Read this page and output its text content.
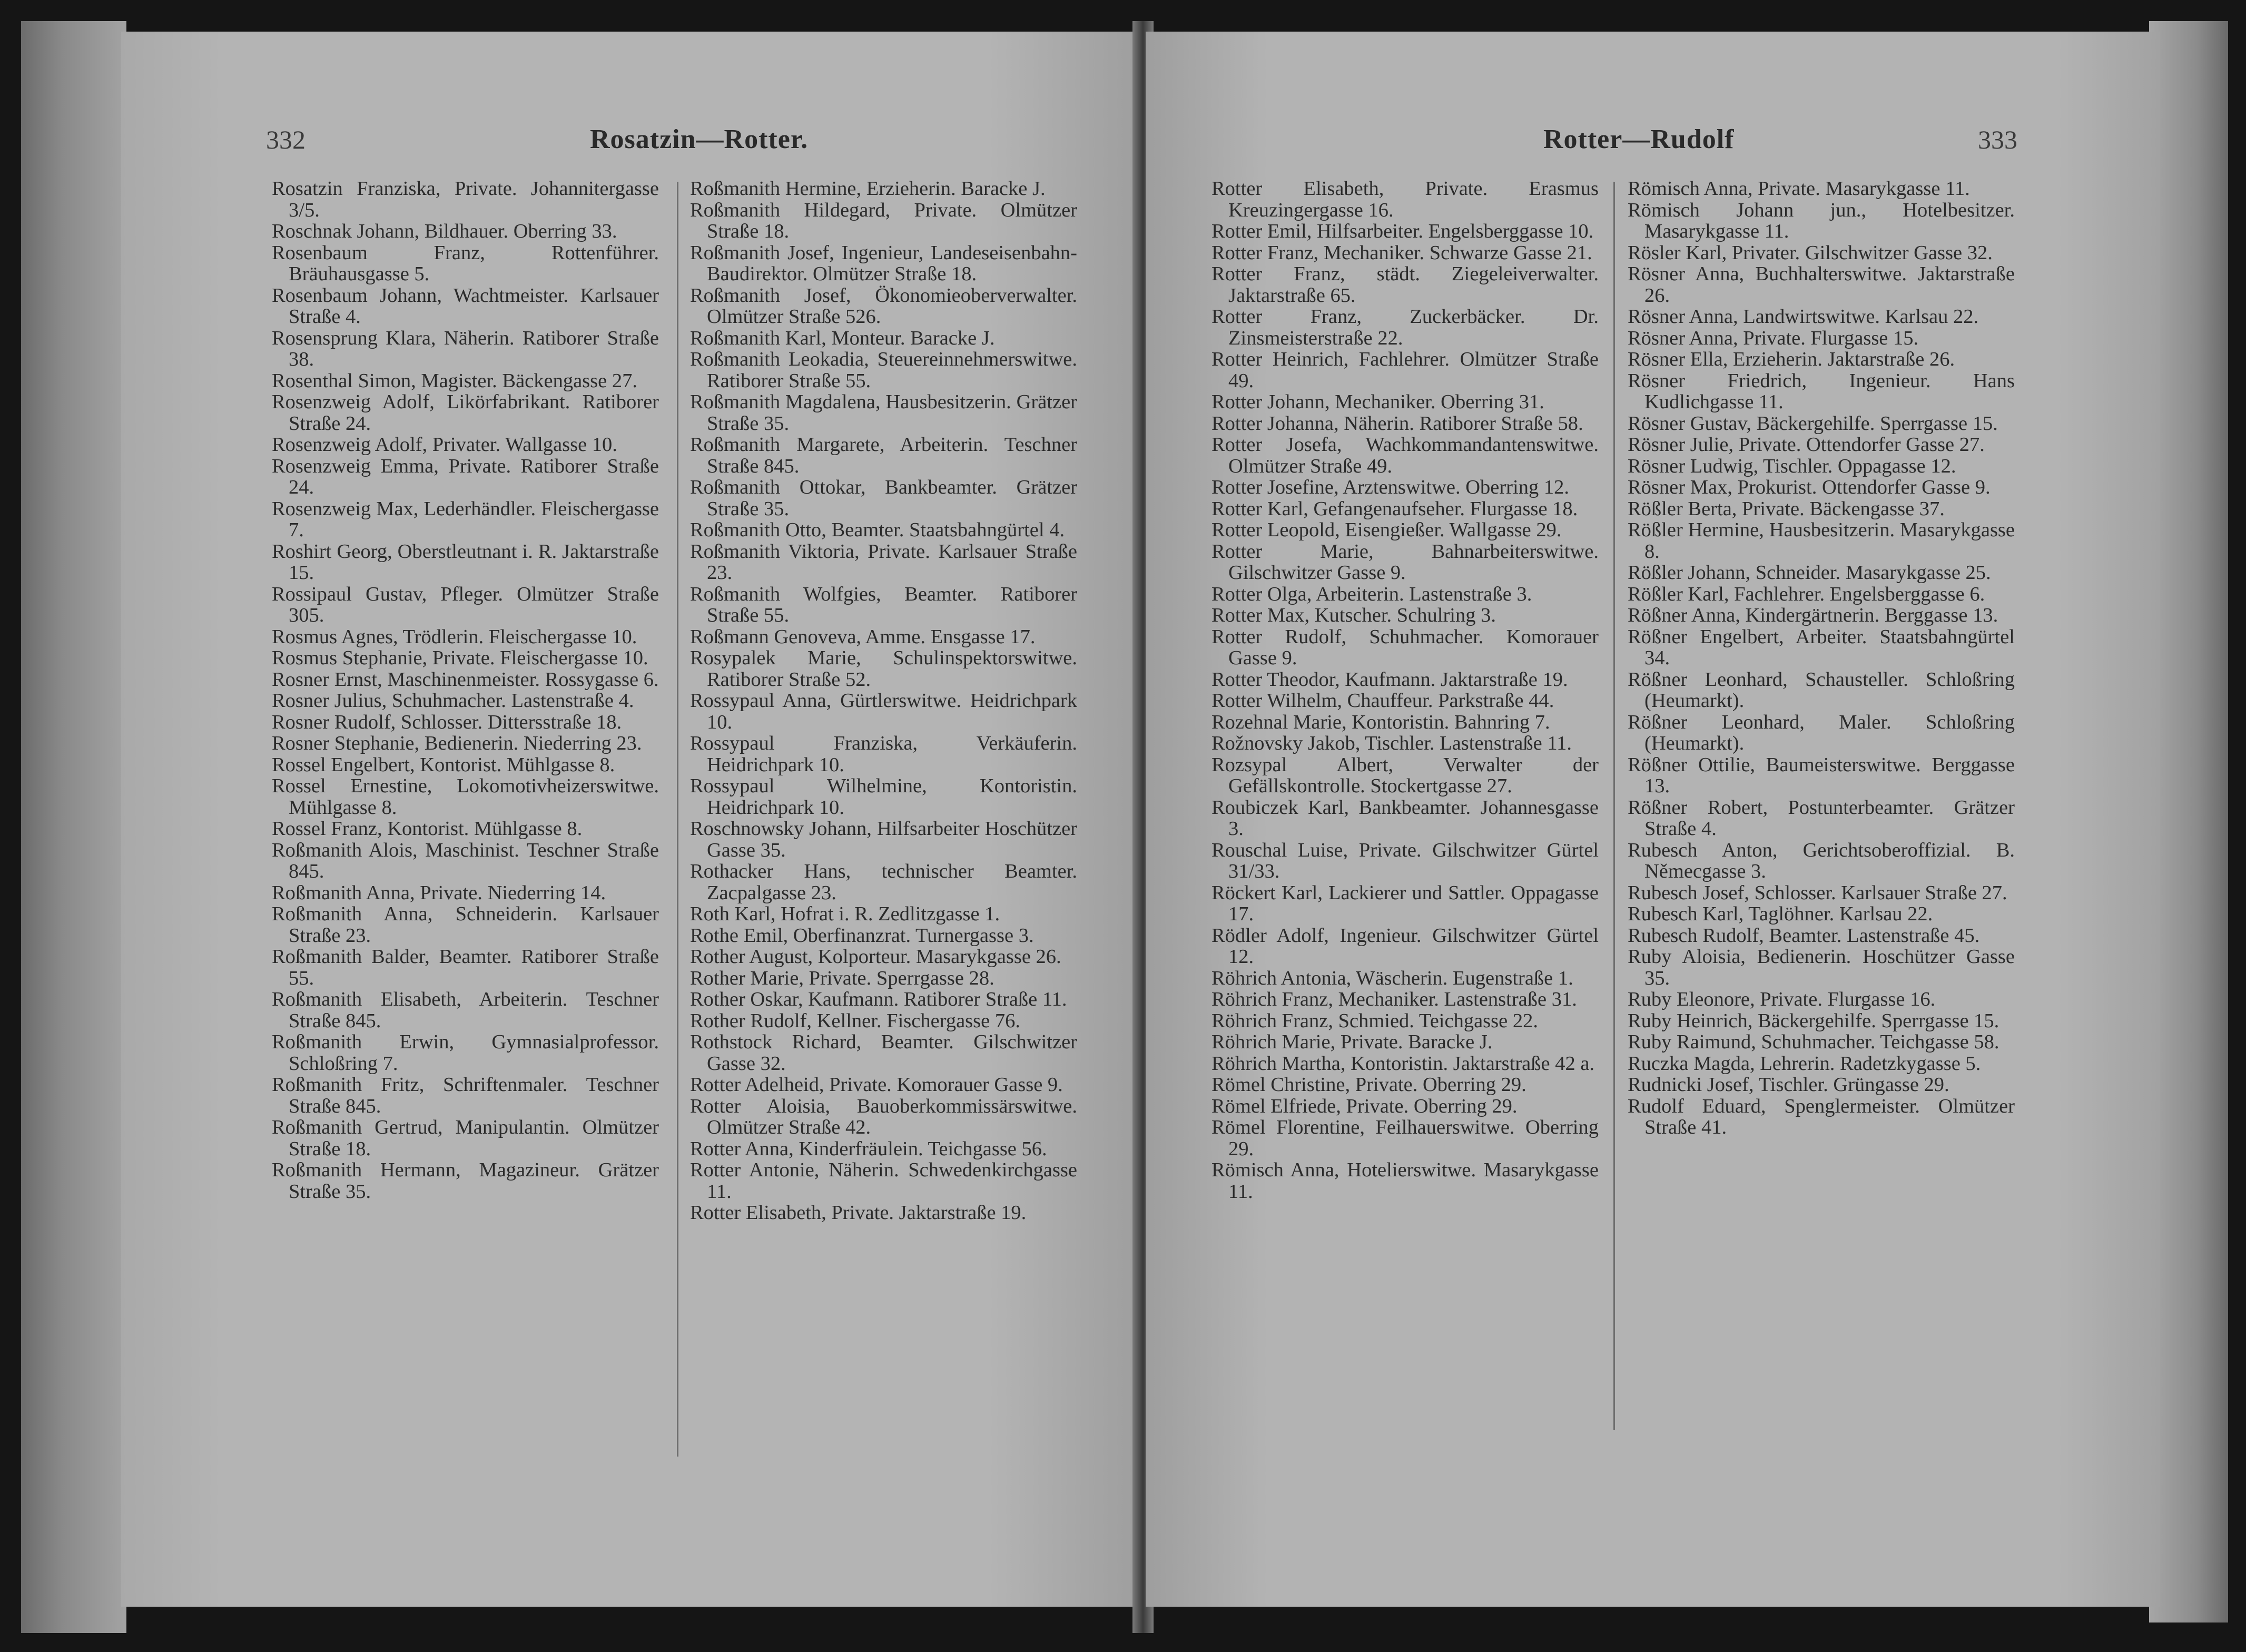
332	Rosatzin—Rotter.	Rotter—Rudolf	333

Rosatzin Franziska, Private. Johannitergasse 3/5.

Roschnak Johann, Bildhauer. Oberring 33.

Rosenbaum Franz, Rottenführer. Bräuhausgasse 5.

Rosenbaum Johann, Wachtmeister. Karlsauer Straße 4.

Rosensprung Klara, Näherin. Ratiborer Straße 38.

Rosenthal Simon, Magister. Bäckengasse 27.

Rosenzweig Adolf, Likörfabrikant. Ratiborer Straße 24.

Rosenzweig Adolf, Privater. Wallgasse 10.

Rosenzweig Emma, Private. Ratiborer Straße 24.

Rosenzweig Max, Lederhändler. Fleischergasse 7.

Roshirt Georg, Oberstleutnant i. R. Jaktarstraße 15.

Rossipaul Gustav, Pfleger. Olmützer Straße 305.

Rosmus Agnes, Trödlerin. Fleischergasse 10.

Rosmus Stephanie, Private. Fleischergasse 10.

Rosner Ernst, Maschinenmeister. Rossygasse 6.

Rosner Julius, Schuhmacher. Lastenstraße 4.

Rosner Rudolf, Schlosser. Dittersstraße 18.

Rosner Stephanie, Bedienerin. Niederring 23.

Rossel Engelbert, Kontorist. Mühlgasse 8.

Rossel Ernestine, Lokomotivheizerswitwe. Mühlgasse 8.

Rossel Franz, Kontorist. Mühlgasse 8.

Roßmanith Alois, Maschinist. Teschner Straße 845.

Roßmanith Anna, Private. Niederring 14.

Roßmanith Anna, Schneiderin. Karlsauer Straße 23.

Roßmanith Balder, Beamter. Ratiborer Straße 55.

Roßmanith Elisabeth, Arbeiterin. Teschner Straße 845.

Roßmanith Erwin, Gymnasialprofessor. Schloßring 7.

Roßmanith Fritz, Schriftenmaler. Teschner Straße 845.

Roßmanith Gertrud, Manipulantin. Olmützer Straße 18.

Roßmanith Hermann, Magazineur. Grätzer Straße 35.

Roßmanith Hermine, Erzieherin. Baracke J.

Roßmanith Hildegard, Private. Olmützer Straße 18.

Roßmanith Josef, Ingenieur, Landeseisenbahn-Baudirektor. Olmützer Straße 18.

Roßmanith Josef, Ökonomieoberverwalter. Olmützer Straße 526.

Roßmanith Karl, Monteur. Baracke J.

Roßmanith Leokadia, Steuereinnehmerswitwe. Ratiborer Straße 55.

Roßmanith Magdalena, Hausbesitzerin. Grätzer Straße 35.

Roßmanith Margarete, Arbeiterin. Teschner Straße 845.

Roßmanith Ottokar, Bankbeamter. Grätzer Straße 35.

Roßmanith Otto, Beamter. Staatsbahngürtel 4.

Roßmanith Viktoria, Private. Karlsauer Straße 23.

Roßmanith Wolfgies, Beamter. Ratiborer Straße 55.

Roßmann Genoveva, Amme. Ensgasse 17.

Rosypalek Marie, Schulinspektorswitwe. Ratiborer Straße 52.

Rossypaul Anna, Gürtlerswitwe. Heidrichpark 10.

Rossypaul Franziska, Verkäuferin. Heidrichpark 10.

Rossypaul Wilhelmine, Kontoristin. Heidrichpark 10.

Roschnowsky Johann, Hilfsarbeiter Hoschützer Gasse 35.

Rothacker Hans, technischer Beamter. Zacpalgasse 23.

Roth Karl, Hofrat i. R. Zedlitzgasse 1.

Rothe Emil, Oberfinanzrat. Turnergasse 3.

Rother August, Kolporteur. Masarykgasse 26.

Rother Marie, Private. Sperrgasse 28.

Rother Oskar, Kaufmann. Ratiborer Straße 11.

Rother Rudolf, Kellner. Fischergasse 76.

Rothstock Richard, Beamter. Gilschwitzer Gasse 32.

Rotter Adelheid, Private. Komorauer Gasse 9.

Rotter Aloisia, Bauoberkommissärswitwe. Olmützer Straße 42.

Rotter Anna, Kinderfräulein. Teichgasse 56.

Rotter Antonie, Näherin. Schwedenkirchgasse 11.

Rotter Elisabeth, Private. Jaktarstraße 19.

Rotter Elisabeth, Private. Erasmus Kreuzingergasse 16.

Rotter Emil, Hilfsarbeiter. Engelsberggasse 10.

Rotter Franz, Mechaniker. Schwarze Gasse 21.

Rotter Franz, städt. Ziegeleiverwalter. Jaktarstraße 65.

Rotter Franz, Zuckerbäcker. Dr. Zinsmeisterstraße 22.

Rotter Heinrich, Fachlehrer. Olmützer Straße 49.

Rotter Johann, Mechaniker. Oberring 31.

Rotter Johanna, Näherin. Ratiborer Straße 58.

Rotter Josefa, Wachkommandantenswitwe. Olmützer Straße 49.

Rotter Josefine, Arztenswitwe. Oberring 12.

Rotter Karl, Gefangenaufseher. Flurgasse 18.

Rotter Leopold, Eisengießer. Wallgasse 29.

Rotter Marie, Bahnarbeiterswitwe. Gilschwitzer Gasse 9.

Rotter Olga, Arbeiterin. Lastenstraße 3.

Rotter Max, Kutscher. Schulring 3.

Rotter Rudolf, Schuhmacher. Komorauer Gasse 9.

Rotter Theodor, Kaufmann. Jaktarstraße 19.

Rotter Wilhelm, Chauffeur. Parkstraße 44.

Rozehnal Marie, Kontoristin. Bahnring 7.

Rožnovsky Jakob, Tischler. Lastenstraße 11.

Rozsypal Albert, Verwalter der Gefällskontrolle. Stockertgasse 27.

Roubiczek Karl, Bankbeamter. Johannesgasse 3.

Rouschal Luise, Private. Gilschwitzer Gürtel 31/33.

Röckert Karl, Lackierer und Sattler. Oppagasse 17.

Rödler Adolf, Ingenieur. Gilschwitzer Gürtel 12.

Röhrich Antonia, Wäscherin. Eugenstraße 1.

Röhrich Franz, Mechaniker. Lastenstraße 31.

Röhrich Franz, Schmied. Teichgasse 22.

Röhrich Marie, Private. Baracke J.

Röhrich Martha, Kontoristin. Jaktarstraße 42 a.

Römel Christine, Private. Oberring 29.

Römel Elfriede, Private. Oberring 29.

Römel Florentine, Feilhauerswitwe. Oberring 29.

Römisch Anna, Hotelierswitwe. Masarykgasse 11.

Römisch Anna, Private. Masarykgasse 11.

Römisch Johann jun., Hotelbesitzer. Masarykgasse 11.

Rösler Karl, Privater. Gilschwitzer Gasse 32.

Rösner Anna, Buchhalterswitwe. Jaktarstraße 26.

Rösner Anna, Landwirtswitwe. Karlsau 22.

Rösner Anna, Private. Flurgasse 15.

Rösner Ella, Erzieherin. Jaktarstraße 26.

Rösner Friedrich, Ingenieur. Hans Kudlichgasse 11.

Rösner Gustav, Bäckergehilfe. Sperrgasse 15.

Rösner Julie, Private. Ottendorfer Gasse 27.

Rösner Ludwig, Tischler. Oppagasse 12.

Rösner Max, Prokurist. Ottendorfer Gasse 9.

Rößler Berta, Private. Bäckengasse 37.

Rößler Hermine, Hausbesitzerin. Masarykgasse 8.

Rößler Johann, Schneider. Masarykgasse 25.

Rößler Karl, Fachlehrer. Engelsberggasse 6.

Rößner Anna, Kindergärtnerin. Berggasse 13.

Rößner Engelbert, Arbeiter. Staatsbahngürtel 34.

Rößner Leonhard, Schausteller. Schloßring (Heumarkt).

Rößner Leonhard, Maler. Schloßring (Heumarkt).

Rößner Ottilie, Baumeisterswitwe. Berggasse 13.

Rößner Robert, Postunterbeamter. Grätzer Straße 4.

Rubesch Anton, Gerichtsoberoffizial. B. Němecgasse 3.

Rubesch Josef, Schlosser. Karlsauer Straße 27.

Rubesch Karl, Taglöhner. Karlsau 22.

Rubesch Rudolf, Beamter. Lastenstraße 45.

Ruby Aloisia, Bedienerin. Hoschützer Gasse 35.

Ruby Eleonore, Private. Flurgasse 16.

Ruby Heinrich, Bäckergehilfe. Sperrgasse 15.

Ruby Raimund, Schuhmacher. Teichgasse 58.

Ruczka Magda, Lehrerin. Radetzkygasse 5.

Rudnicki Josef, Tischler. Grüngasse 29.

Rudolf Eduard, Spenglermeister. Olmützer Straße 41.
